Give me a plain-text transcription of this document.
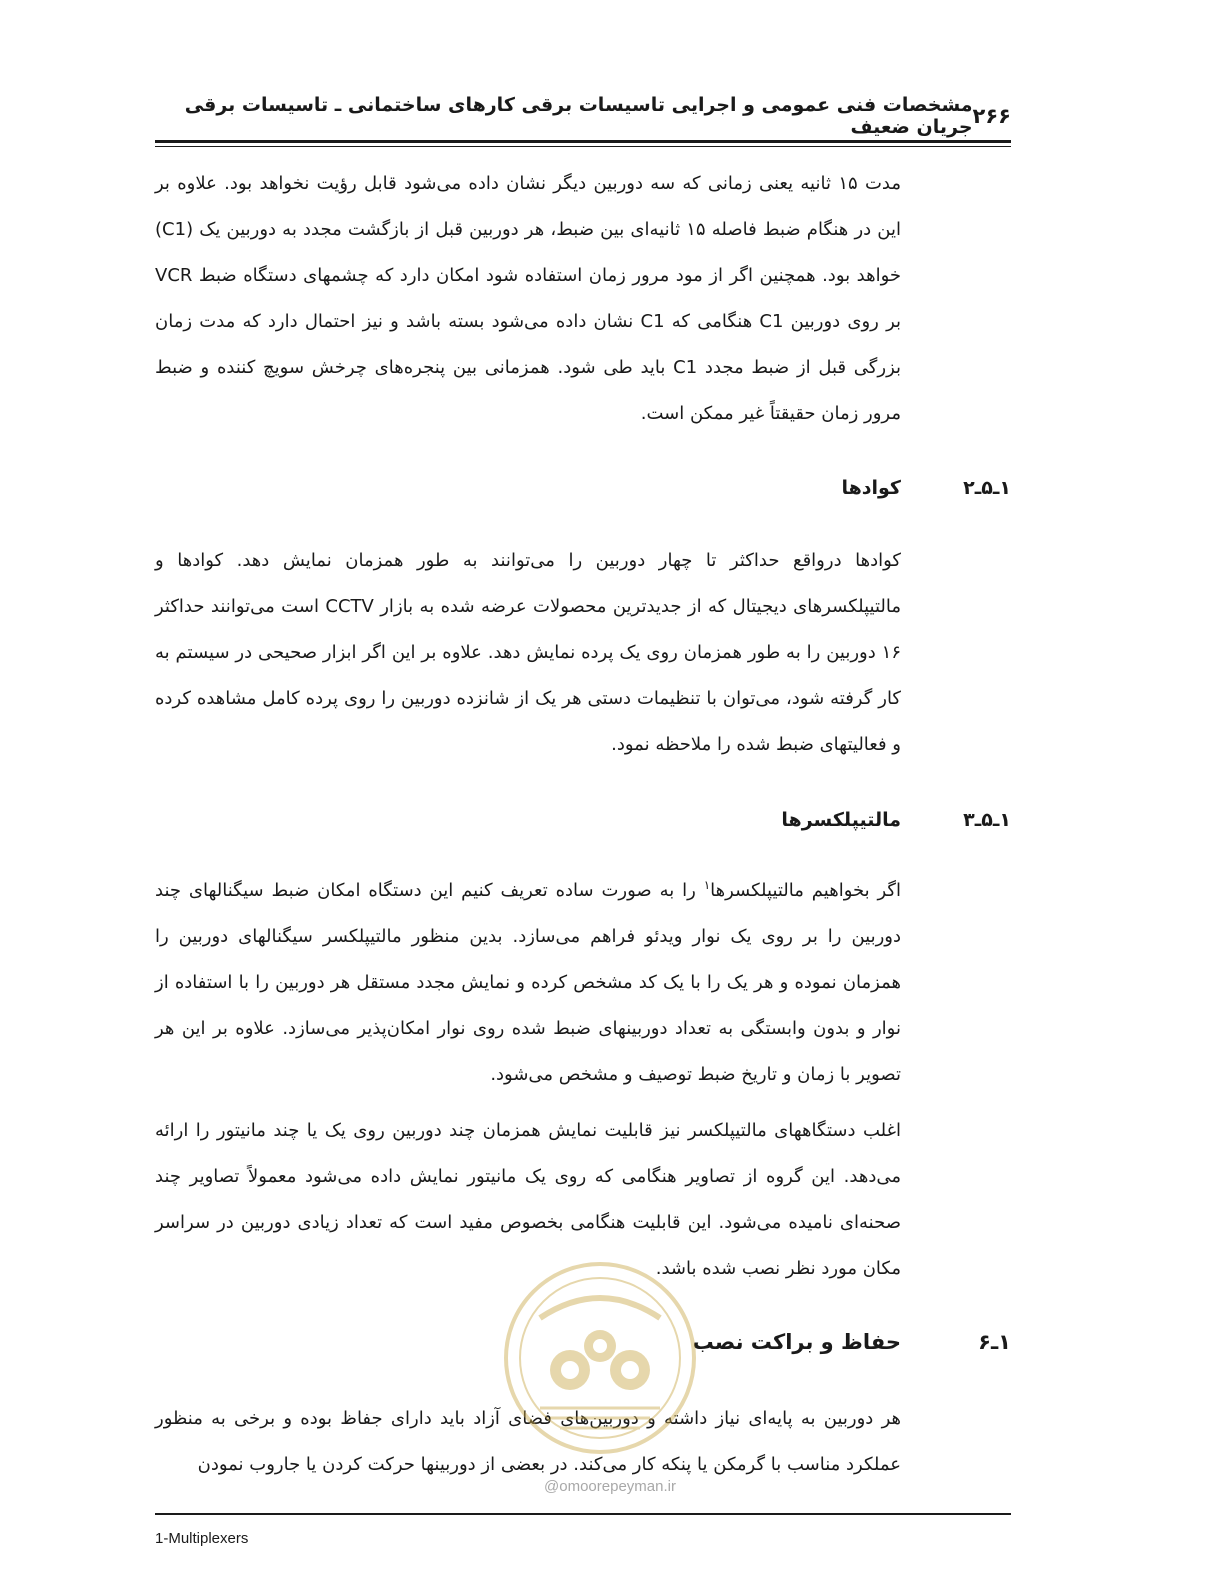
۲۶۶
مشخصات فنی عمومی و اجرایی تاسیسات برقی کارهای ساختمانی ـ تاسیسات برقی جریان ضعیف
مدت ۱۵ ثانیه یعنی زمانی که سه دوربین دیگر نشان داده می‌شود قابل رؤیت نخواهد بود. علاوه بر این در هنگام ضبط فاصله ۱۵ ثانیه‌ای بین ضبط، هر دوربین قبل از بازگشت مجدد به دوربین یک (C1) خواهد بود. همچنین اگر از مود مرور زمان استفاده شود امکان دارد که چشمهای دستگاه ضبط VCR بر روی دوربین C1 هنگامی که C1 نشان داده می‌شود بسته باشد و نیز احتمال دارد که مدت زمان بزرگی قبل از ضبط مجدد C1 باید طی شود. همزمانی بین پنجره‌های چرخش سویچ کننده و ضبط مرور زمان حقیقتاً غیر ممکن است.
۱ـ۵ـ۲
کوادها
کوادها درواقع حداکثر تا چهار دوربین را می‌توانند به طور همزمان نمایش دهد. کوادها و مالتیپلکسرهای دیجیتال که از جدیدترین محصولات عرضه شده به بازار CCTV است می‌توانند حداکثر ۱۶ دوربین را به طور همزمان روی یک پرده نمایش دهد. علاوه بر این اگر ابزار صحیحی در سیستم به کار گرفته شود، می‌توان با تنظیمات دستی هر یک از شانزده دوربین را روی پرده کامل مشاهده کرده و فعالیتهای ضبط شده را ملاحظه نمود.
۱ـ۵ـ۳
مالتیپلکسرها
اگر بخواهیم مالتیپلکسرها$^۱$ را به صورت ساده تعریف کنیم این دستگاه امکان ضبط سیگنالهای چند دوربین را بر روی یک نوار ویدئو فراهم می‌سازد. بدین منظور مالتیپلکسر سیگنالهای دوربین را همزمان نموده و هر یک را با یک کد مشخص کرده و نمایش مجدد مستقل هر دوربین را با استفاده از نوار و بدون وابستگی به تعداد دوربینهای ضبط شده روی نوار امکان‌پذیر می‌سازد. علاوه بر این هر تصویر با زمان و تاریخ ضبط توصیف و مشخص می‌شود.
اغلب دستگاههای مالتیپلکسر نیز قابلیت نمایش همزمان چند دوربین روی یک یا چند مانیتور را ارائه می‌دهد. این گروه از تصاویر هنگامی که روی یک مانیتور نمایش داده می‌شود معمولاً تصاویر چند صحنه‌ای نامیده می‌شود. این قابلیت هنگامی بخصوص مفید است که تعداد زیادی دوربین در سراسر مکان مورد نظر نصب شده باشد.
۱ـ۶
حفاظ و براکت نصب
هر دوربین به پایه‌ای نیاز داشته و دوربین‌های فضای آزاد باید دارای جفاظ بوده و برخی به منظور عملکرد مناسب با گرمکن یا پنکه کار می‌کند. در بعضی از دوربینها حرکت کردن یا جاروب نمودن
@omoorepeyman.ir
1-Multiplexers
